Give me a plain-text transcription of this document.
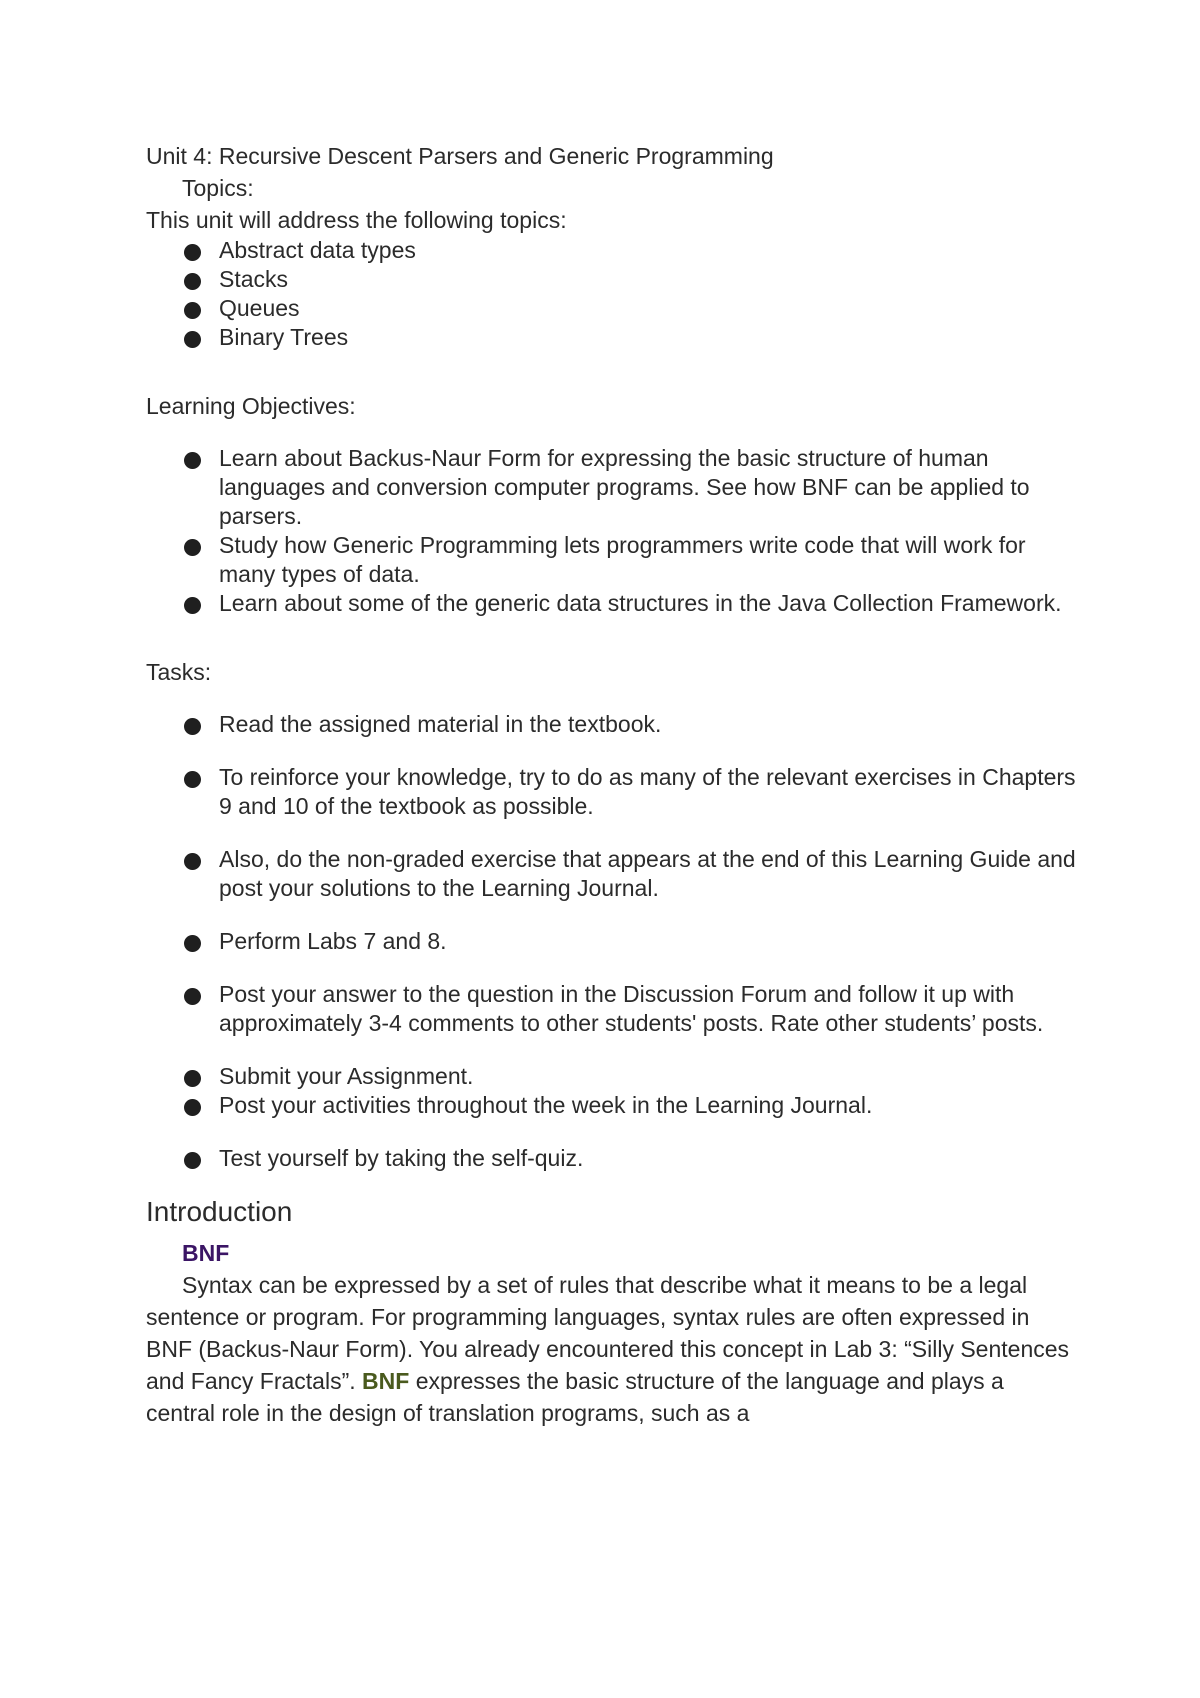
Unit 4: Recursive Descent Parsers and Generic Programming

Topics:

This unit will address the following topics:

Abstract data types
Stacks
Queues
Binary Trees

Learning Objectives:

Learn about Backus-Naur Form for expressing the basic structure of human languages and conversion computer programs. See how BNF can be applied to parsers.
Study how Generic Programming lets programmers write code that will work for many types of data.
Learn about some of the generic data structures in the Java Collection Framework.

Tasks:

Read the assigned material in the textbook.
To reinforce your knowledge, try to do as many of the relevant exercises in Chapters 9 and 10 of the textbook as possible.
Also, do the non-graded exercise that appears at the end of this Learning Guide and post your solutions to the Learning Journal.
Perform Labs 7 and 8.
Post your answer to the question in the Discussion Forum and follow it up with approximately 3-4 comments to other students' posts. Rate other students’ posts.
Submit your Assignment.
Post your activities throughout the week in the Learning Journal.
Test yourself by taking the self-quiz.
Introduction

BNF

Syntax can be expressed by a set of rules that describe what it means to be a legal sentence or program. For programming languages, syntax rules are often expressed in BNF (Backus-Naur Form). You already encountered this concept in Lab 3: “Silly Sentences and Fancy Fractals”. BNF expresses the basic structure of the language and plays a central role in the design of translation programs, such as a
